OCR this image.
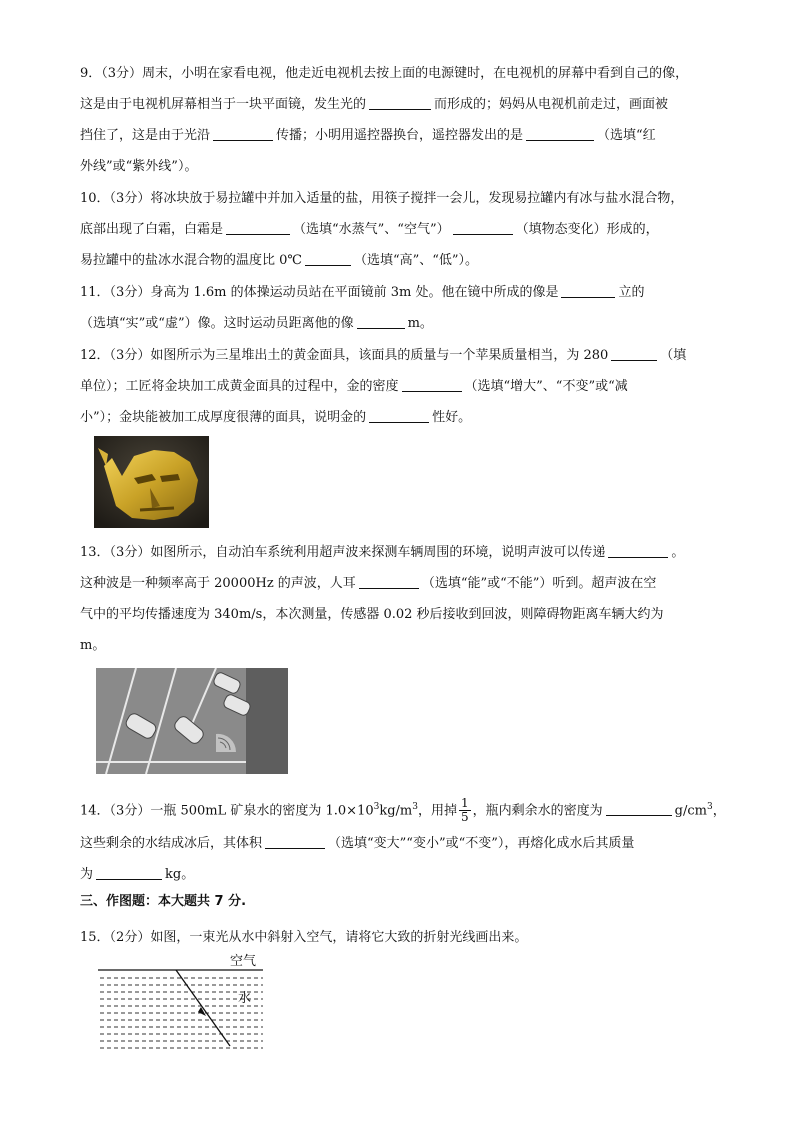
9．（3分）周末，小明在家看电视，他走近电视机去按上面的电源键时，在电视机的屏幕中看到自己的像，
这是由于电视机屏幕相当于一块平面镜，发生光的	而形成的；妈妈从电视机前走过，画面被
挡住了，这是由于光沿	传播；小明用遥控器换台，遥控器发出的是	（选填“红
外线”或“紫外线”）。
10．（3分）将冰块放于易拉罐中并加入适量的盐，用筷子搅拌一会儿，发现易拉罐内有冰与盐水混合物，
底部出现了白霜，白霜是	（选填“水蒸气”、“空气”）	（填物态变化）形成的，
易拉罐中的盐冰水混合物的温度比 0℃	（选填“高”、“低”）。
11．（3分）身高为 1.6m 的体操运动员站在平面镜前 3m 处。他在镜中所成的像是	立的
（选填“实”或“虚”）像。这时运动员距离他的像	m。
12．（3分）如图所示为三星堆出土的黄金面具，该面具的质量与一个苹果质量相当，为 280	（填
单位）；工匠将金块加工成黄金面具的过程中，金的密度	（选填“增大”、“不变”或“减
小”）；金块能被加工成厚度很薄的面具，说明金的	性好。
13．（3分）如图所示，自动泊车系统利用超声波来探测车辆周围的环境，说明声波可以传递	。
这种波是一种频率高于 20000Hz 的声波，人耳	（选填“能”或“不能”）听到。超声波在空
气中的平均传播速度为 340m/s，本次测量，传感器 0.02 秒后接收到回波，则障碍物距离车辆大约为
m。
14．（3分）一瓶 500mL 矿泉水的密度为 $1.0\times 10^3kg/m^3$，用掉 $\frac{1}{5}$ ，瓶内剩余水的密度为	$g/cm^3$，
这些剩余的水结成冰后，其体积	（选填“变大”“变小”或“不变”），再熔化成水后其质量
为	kg。
三、作图题：本大题共 7 分.
15．（2分）如图，一束光从水中斜射入空气，请将它大致的折射光线画出来。
空气
水
